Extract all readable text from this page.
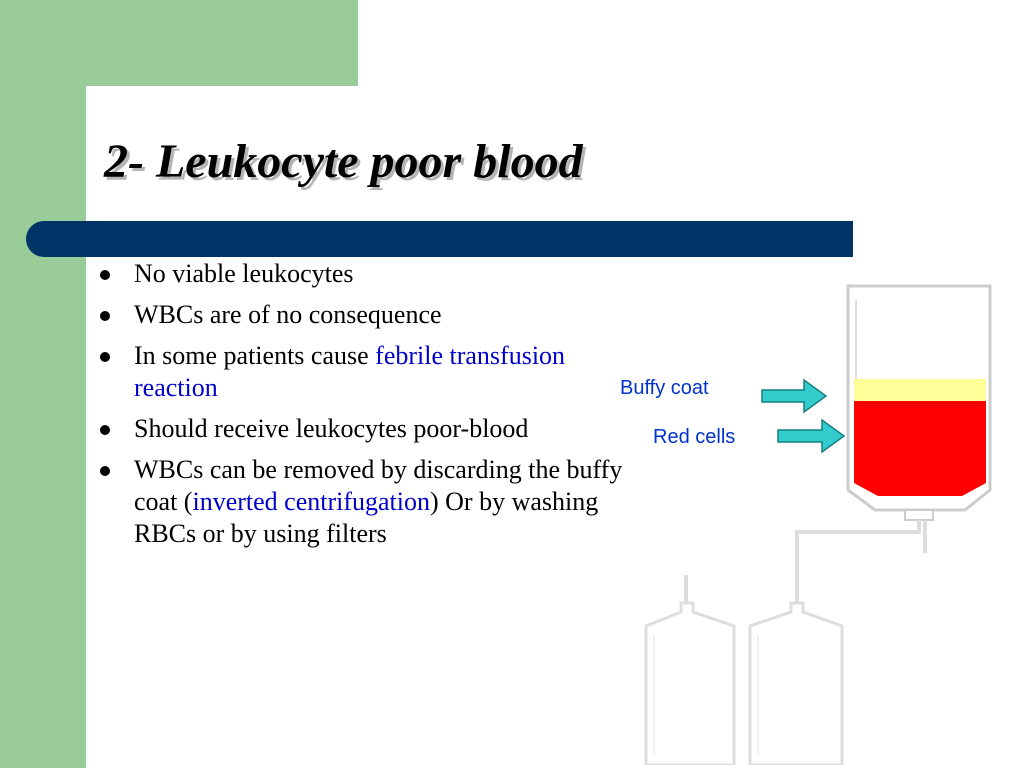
2- Leukocyte poor blood
No viable leukocytes
WBCs are of no consequence
In some patients cause febrile transfusion reaction
Should receive leukocytes poor-blood
WBCs can be removed by discarding the buffy coat (inverted centrifugation) Or by washing RBCs or by using filters
Buffy coat
Red cells
